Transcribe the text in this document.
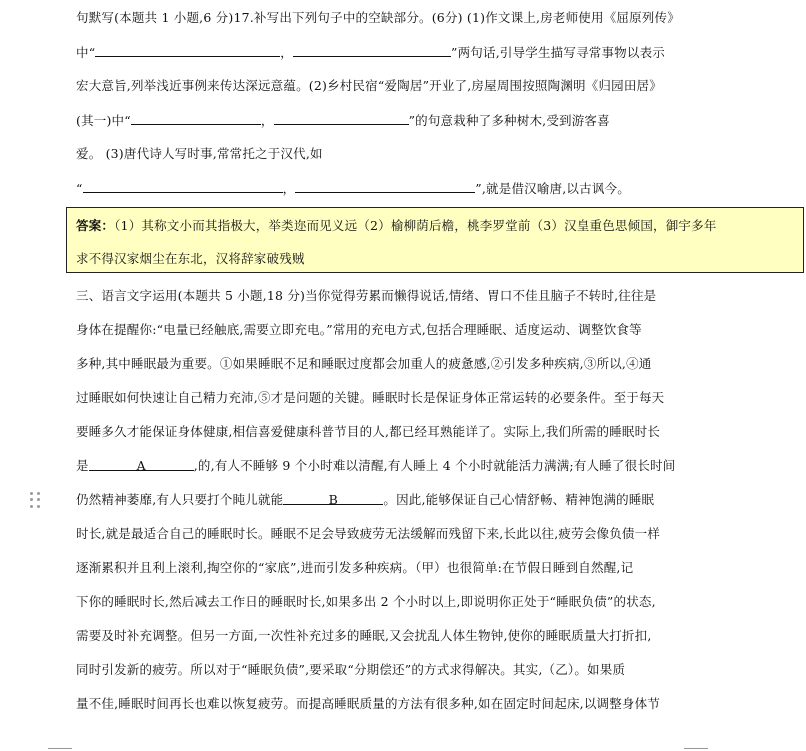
句默写(本题共 1 小题,6 分)17.补写出下列句子中的空缺部分。(6分) (1)作文课上,房老师使用《屈原列传》
中“	，	”两句话,引导学生描写寻常事物以表示
宏大意旨,列举浅近事例来传达深远意蕴。(2)乡村民宿“爱陶居”开业了,房屋周围按照陶渊明《归园田居》
(其一)中“	，	”的句意栽种了多种树木,受到游客喜
爱。 (3)唐代诗人写时事,常常托之于汉代,如
“	，	”,就是借汉喻唐,以古讽今。
答案：（1）其称文小而其指极大，举类迩而见义远（2）榆柳荫后檐，桃李罗堂前（3）汉皇重色思倾国，御宇多年
求不得汉家烟尘在东北，汉将辞家破残贼
三、语言文字运用(本题共 5 小题,18 分)当你觉得劳累而懒得说话,情绪、胃口不佳且脑子不转时,往往是
身体在提醒你:“电量已经触底,需要立即充电。”常用的充电方式,包括合理睡眠、适度运动、调整饮食等
多种,其中睡眠最为重要。①如果睡眠不足和睡眠过度都会加重人的疲惫感,②引发多种疾病,③所以,④通
过睡眠如何快速让自己精力充沛,⑤才是问题的关键。睡眠时长是保证身体正常运转的必要条件。至于每天
要睡多久才能保证身体健康,相信喜爱健康科普节目的人,都已经耳熟能详了。实际上,我们所需的睡眠时长
是	A	,的,有人不睡够 9 个小时难以清醒,有人睡上 4 个小时就能活力满满;有人睡了很长时间
仍然精神萎靡,有人只要打个盹儿就能	B	。因此,能够保证自己心情舒畅、精神饱满的睡眠
时长,就是最适合自己的睡眠时长。睡眠不足会导致疲劳无法缓解而残留下来,长此以往,疲劳会像负债一样
逐渐累积并且利上滚利,掏空你的“家底”,进而引发多种疾病。（甲）也很简单:在节假日睡到自然醒,记
下你的睡眠时长,然后减去工作日的睡眠时长,如果多出 2 个小时以上,即说明你正处于“睡眠负债”的状态,
需要及时补充调整。但另一方面,一次性补充过多的睡眠,又会扰乱人体生物钟,使你的睡眠质量大打折扣,
同时引发新的疲劳。所以对于“睡眠负债”,要采取“分期偿还”的方式求得解决。其实,（乙）。如果质
量不佳,睡眠时间再长也难以恢复疲劳。而提高睡眠质量的方法有很多种,如在固定时间起床,以调整身体节
